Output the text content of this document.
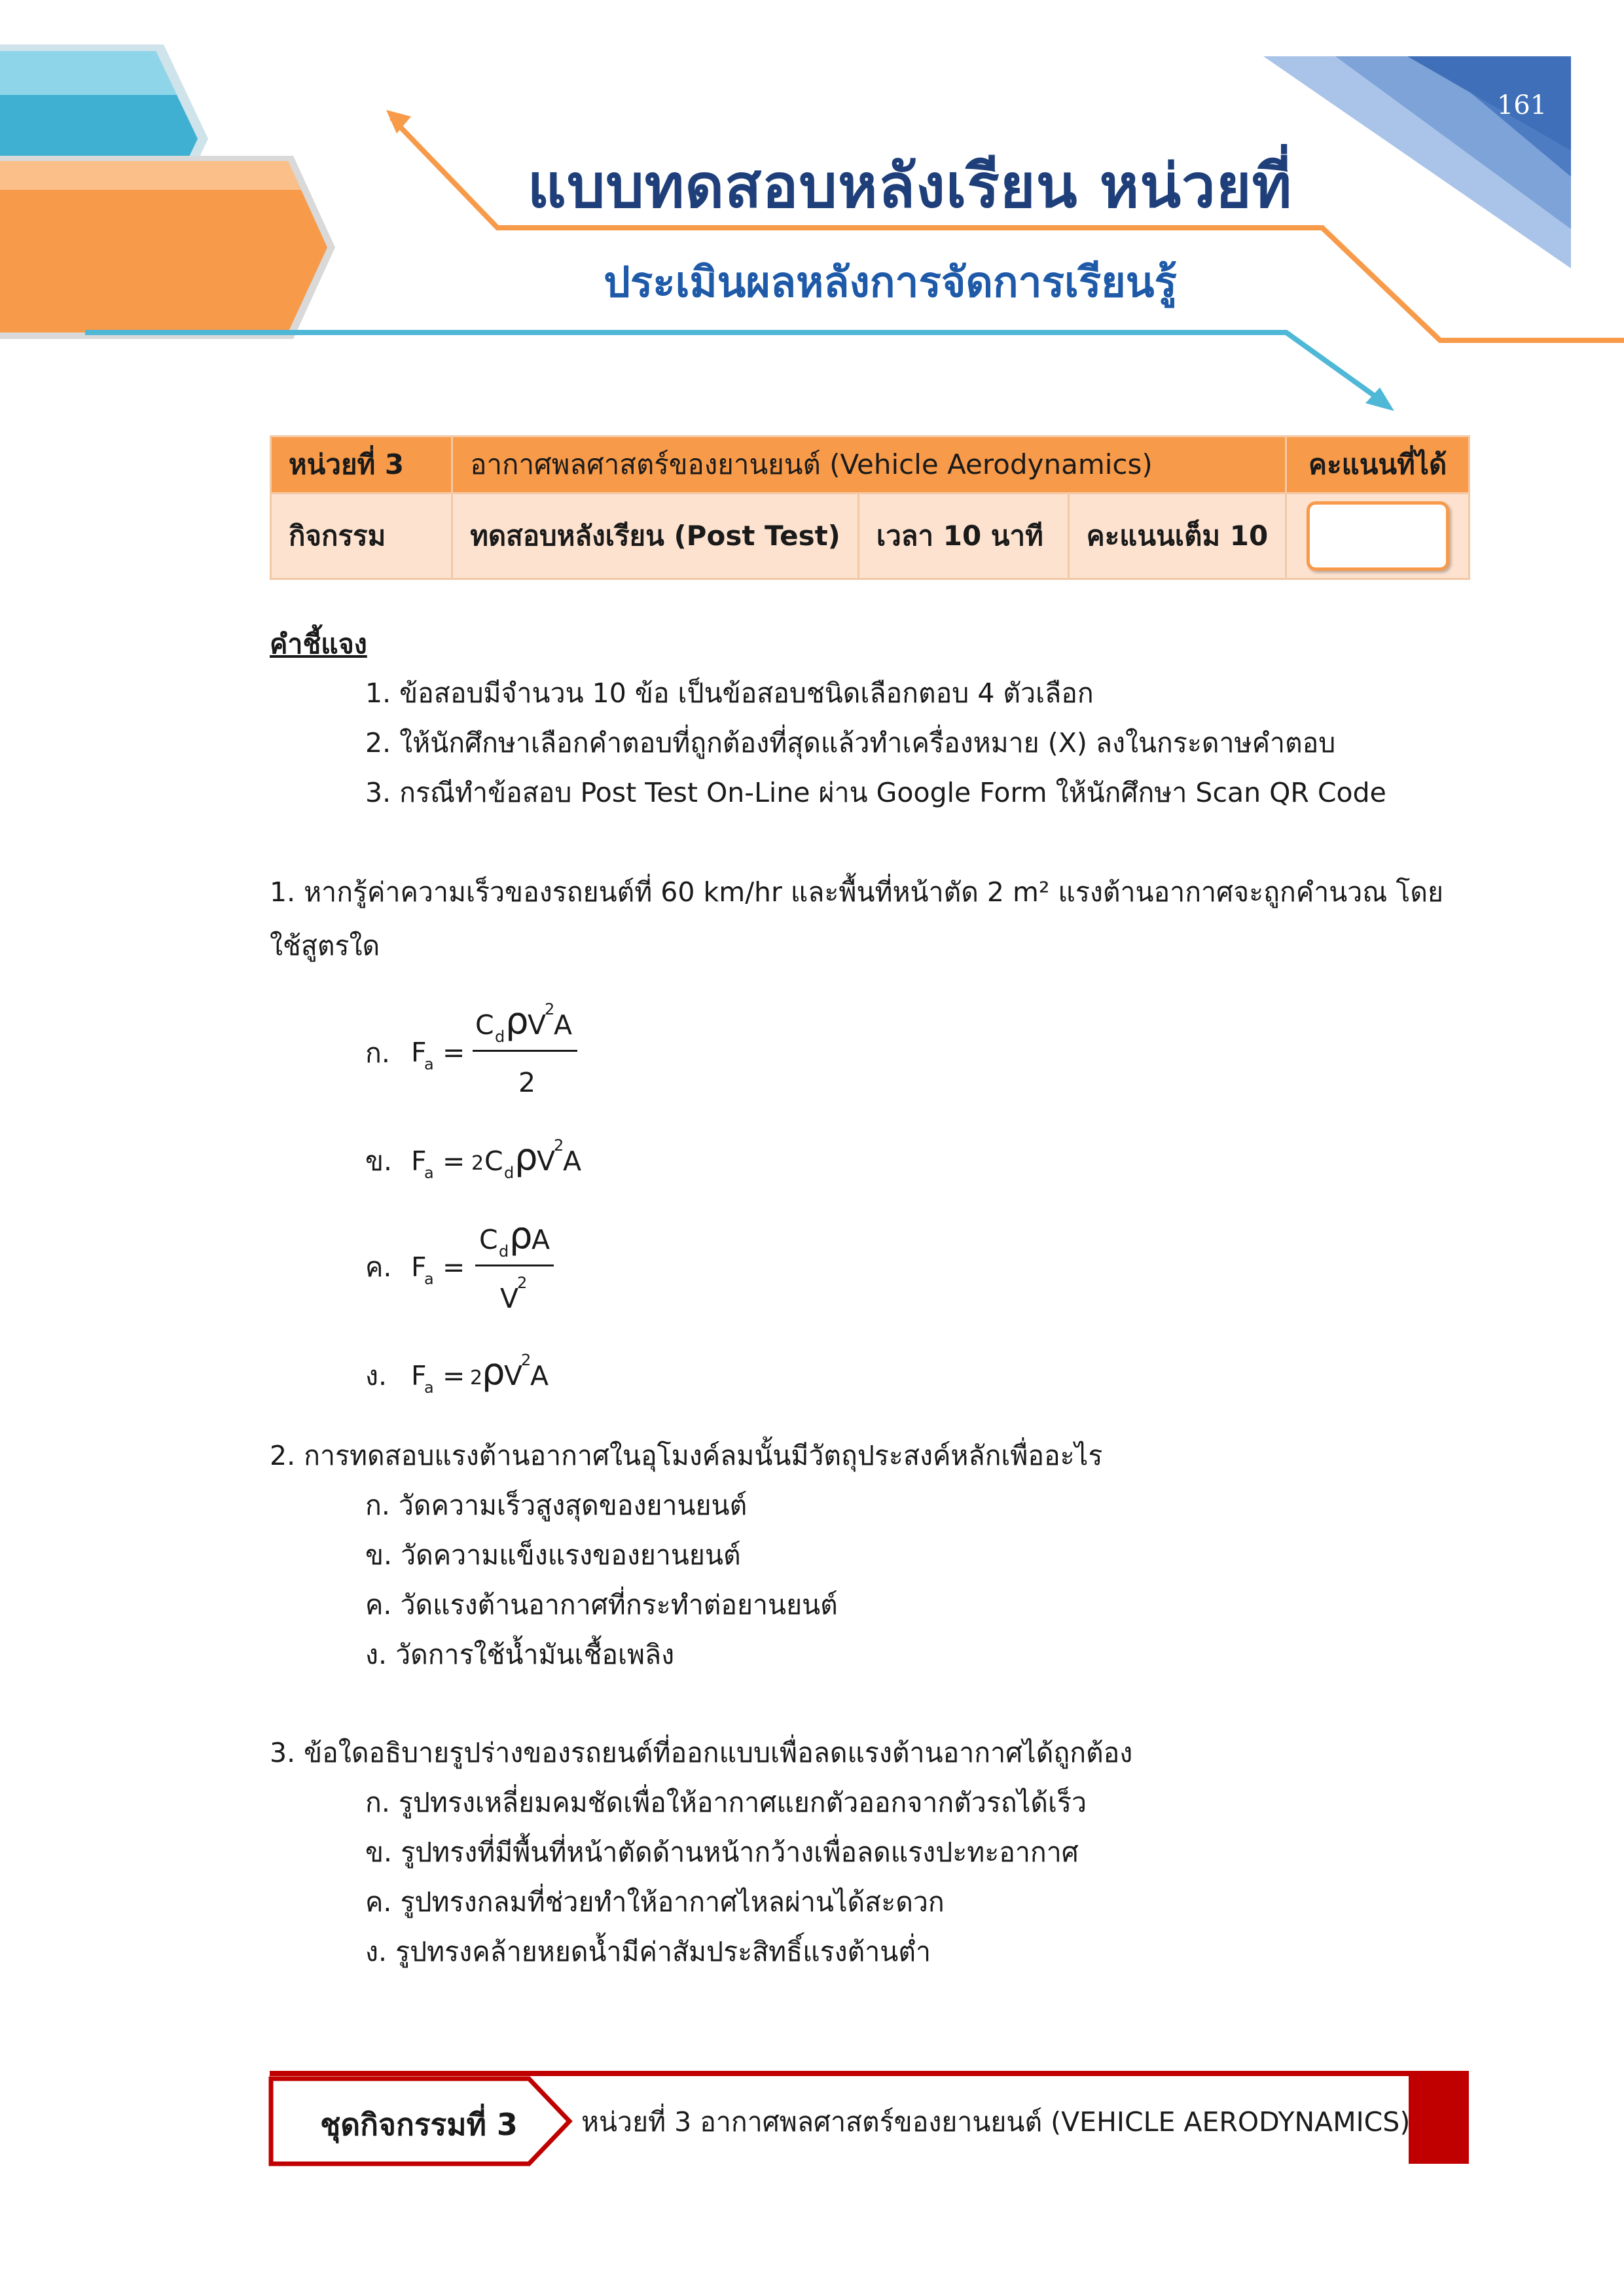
161
แบบทดสอบหลังเรียน หน่วยที่
ประเมินผลหลังการจัดการเรียนรู้
หน่วยที่ 3	อากาศพลศาสตร์ของยานยนต์ (Vehicle Aerodynamics)			คะแนนที่ได้
กิจกรรม	ทดสอบหลังเรียน (Post Test)	เวลา 10 นาที	คะแนนเต็ม 10	
คำชี้แจง
1. ข้อสอบมีจำนวน 10 ข้อ เป็นข้อสอบชนิดเลือกตอบ 4 ตัวเลือก
2. ให้นักศึกษาเลือกคำตอบที่ถูกต้องที่สุดแล้วทำเครื่องหมาย (X) ลงในกระดาษคำตอบ
3. กรณีทำข้อสอบ Post Test On-Line ผ่าน Google Form ให้นักศึกษา Scan QR Code
1. หากรู้ค่าความเร็วของรถยนต์ที่ 60 km/hr และพื้นที่หน้าตัด 2 m² แรงต้านอากาศจะถูกคำนวณ โดยใช้สูตรใด
ก. F
a =
C d ρ
V
2
A
2
ข. F
a = 2 C d ρ
V
2
A
ค. F
a =
C d ρ
A
V
2
ง. F
a = 2
ρ
V
2
A
2. การทดสอบแรงต้านอากาศในอุโมงค์ลมนั้นมีวัตถุประสงค์หลักเพื่ออะไร
ก. วัดความเร็วสูงสุดของยานยนต์
ข. วัดความแข็งแรงของยานยนต์
ค. วัดแรงต้านอากาศที่กระทำต่อยานยนต์
ง. วัดการใช้น้ำมันเชื้อเพลิง
3. ข้อใดอธิบายรูปร่างของรถยนต์ที่ออกแบบเพื่อลดแรงต้านอากาศได้ถูกต้อง
ก. รูปทรงเหลี่ยมคมชัดเพื่อให้อากาศแยกตัวออกจากตัวรถได้เร็ว
ข. รูปทรงที่มีพื้นที่หน้าตัดด้านหน้ากว้างเพื่อลดแรงปะทะอากาศ
ค. รูปทรงกลมที่ช่วยทำให้อากาศไหลผ่านได้สะดวก
ง. รูปทรงคล้ายหยดน้ำมีค่าสัมประสิทธิ์แรงต้านต่ำ
ชุดกิจกรรมที่ 3	หน่วยที่ 3 อากาศพลศาสตร์ของยานยนต์ (VEHICLE AERODYNAMICS)
